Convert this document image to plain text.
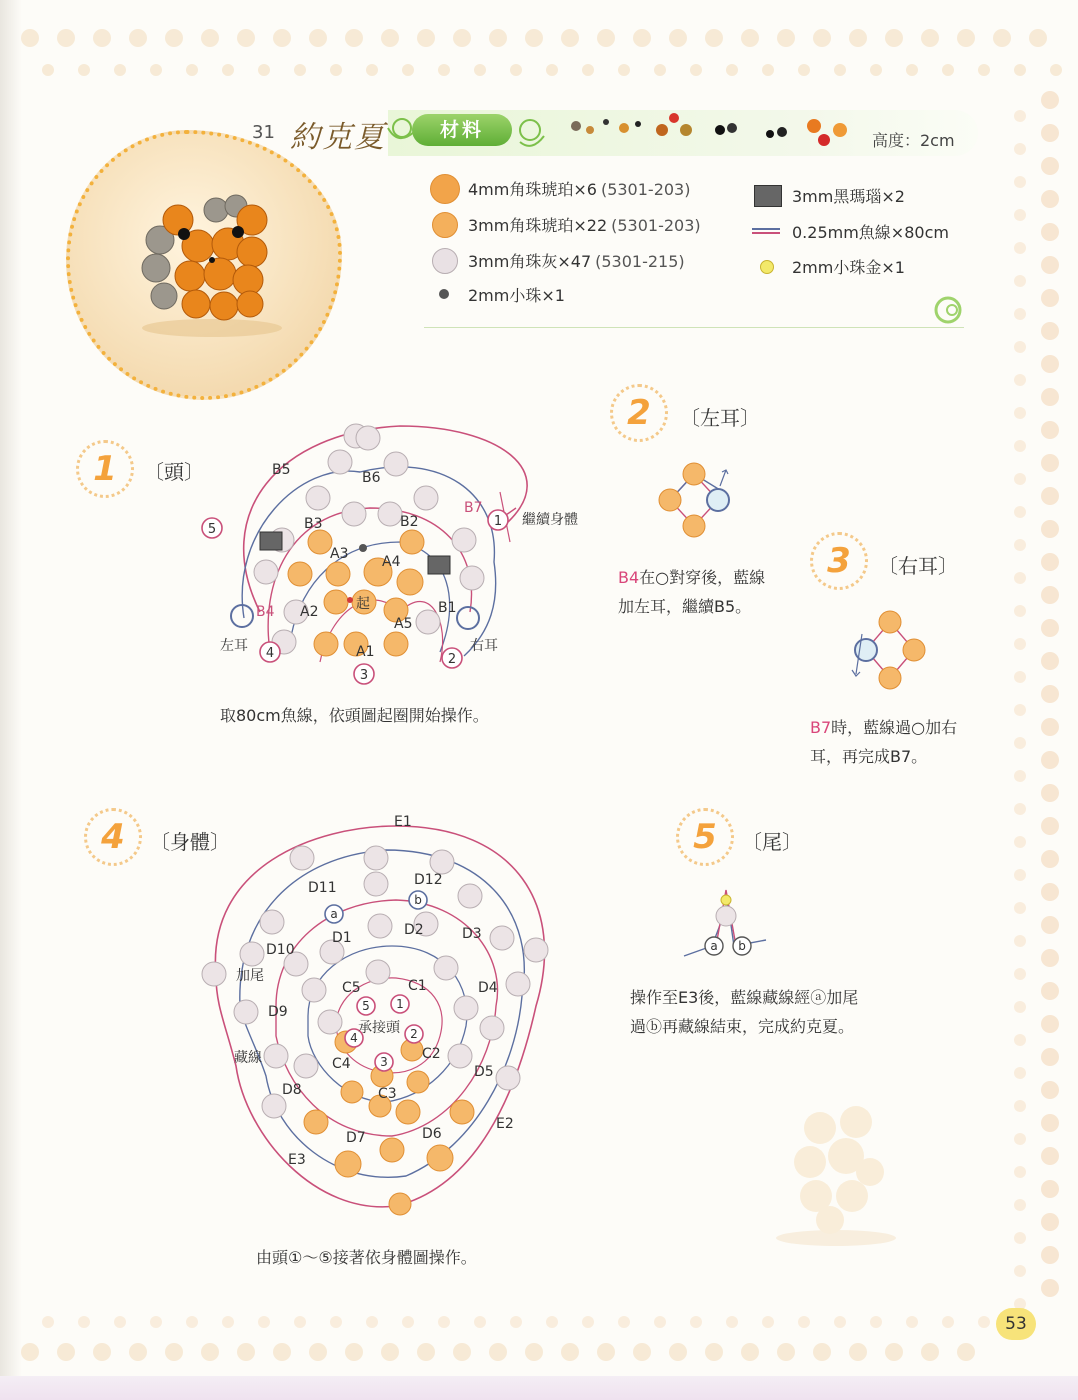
31 約克夏	材料	高度：2cm
4mm角珠琥珀×6 (5301-203)
3mm角珠琥珀×22 (5301-203)
3mm角珠灰×47 (5301-215)
2mm小珠×1
3mm黑瑪瑙×2
0.25mm魚線×80cm
2mm小珠金×1
1	〔頭〕
1
2
3
4
5
B5	B6
B7
繼續身體
B3	B2
A3 A4
起
B4 A2
A5
B1
左耳	右耳
A1
取80cm魚線，依頭圖起圈開始操作。
2	〔左耳〕
B4在○對穿後，藍線
加左耳，繼續B5。
3	〔右耳〕
B7時，藍線過○加右
耳，再完成B7。
4	〔身體〕
1
2
3
4
5
a
b
E1
E2
E3
D11	D12
D1	D2	D3
D10
加尾
C5	C1	D4
D9
承接頭
藏線	C4
C2
D5
D8	C3
D7	D6
由頭①～⑤接著依身體圖操作。
5	〔尾〕
a b
操作至E3後，藍線藏線經ⓐ加尾
過ⓑ再藏線結束，完成約克夏。
53
